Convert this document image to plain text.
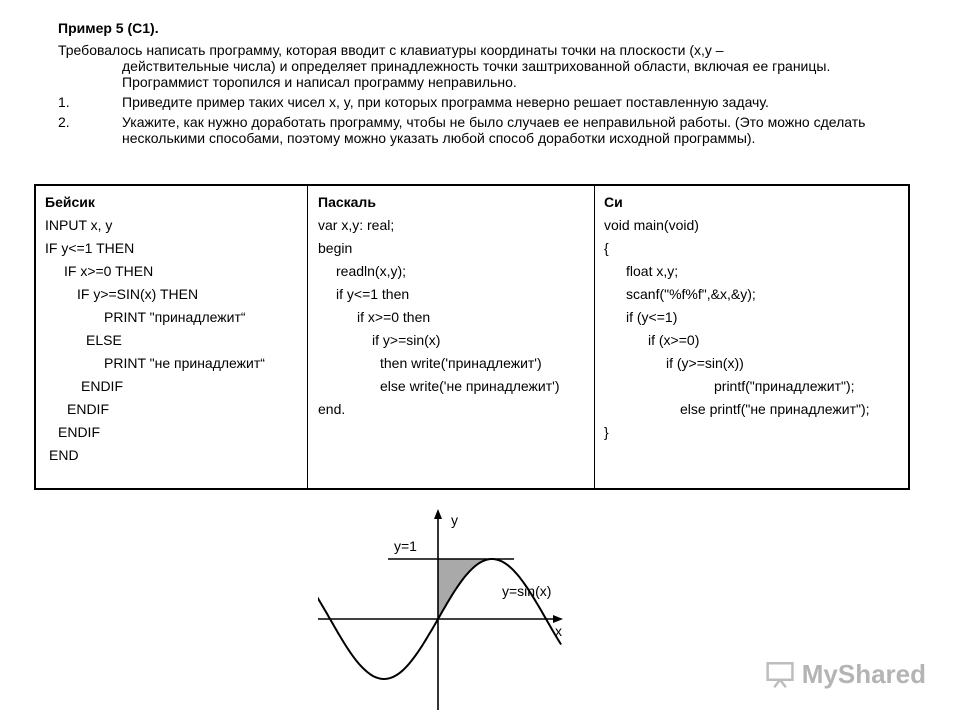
Пример 5 (С1).
Требовалось написать программу, которая вводит с клавиатуры координаты точки на плоскости (x,y –
действительные числа) и определяет принадлежность точки заштрихованной области, включая ее границы. Программист торопился и написал программу неправильно.
1.	Приведите пример таких чисел x, y, при которых программа неверно решает поставленную задачу.
2.	Укажите, как нужно доработать программу, чтобы не было случаев ее неправильной работы. (Это можно сделать несколькими способами, поэтому можно указать любой способ доработки исходной программы).
Бейсик
INPUT x, y
IF y<=1 THEN
IF x>=0 THEN
IF y>=SIN(x) THEN
PRINT "принадлежит“
ELSE
PRINT "не принадлежит“
ENDIF
ENDIF
ENDIF
END
Паскаль
var x,y: real;
begin
readln(x,y);
if y<=1 then
if x>=0 then
if y>=sin(x)
then write('принадлежит')
else write('не принадлежит')
end.
Си
void main(void)
{
float x,y;
scanf("%f%f",&x,&y);
if (y<=1)
if (x>=0)
if (y>=sin(x))
printf("принадлежит");
else printf("не принадлежит");
}
y
x
y=1
y=sin(x)
MyShared
